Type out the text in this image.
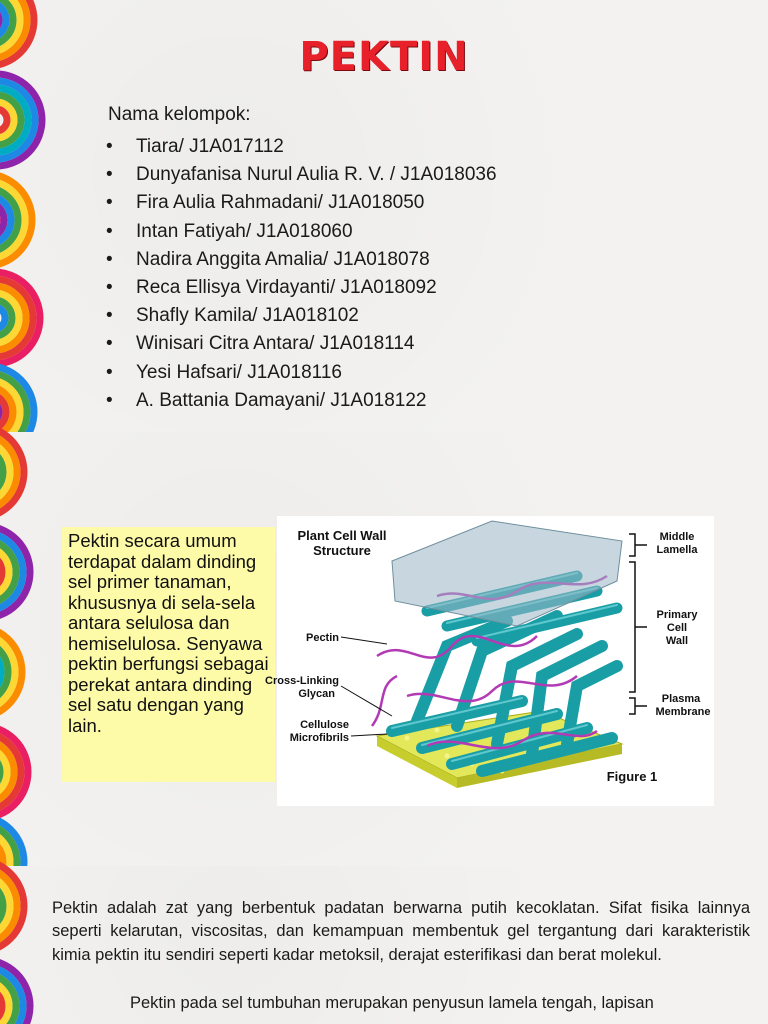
PEKTIN
Nama kelompok:
• Tiara/ J1A017112
• Dunyafanisa Nurul Aulia R. V. / J1A018036
• Fira Aulia Rahmadani/ J1A018050
• Intan Fatiyah/ J1A018060
• Nadira Anggita Amalia/ J1A018078
• Reca Ellisya Virdayanti/ J1A018092
• Shafly Kamila/ J1A018102
• Winisari Citra Antara/ J1A018114
• Yesi Hafsari/ J1A018116
• A. Battania Damayani/ J1A018122
Pektin secara umum terdapat dalam dinding sel primer tanaman, khususnya di sela-sela antara selulosa dan hemiselulosa. Senyawa pektin berfungsi sebagai perekat antara dinding sel satu dengan yang lain.
Plant Cell Wall
Structure
Pectin
Cross-Linking
Glycan
Cellulose
Microfibrils
Middle
Lamella
Primary
Cell
Wall
Plasma
Membrane
Figure 1

Pektin adalah zat yang berbentuk padatan berwarna putih kecoklatan. Sifat fisika lainnya seperti kelarutan, viscositas, dan kemampuan membentuk gel tergantung dari karakteristik kimia pektin itu sendiri seperti kadar metoksil, derajat esterifikasi dan berat molekul.

Pektin pada sel tumbuhan merupakan penyusun lamela tengah, lapisan
